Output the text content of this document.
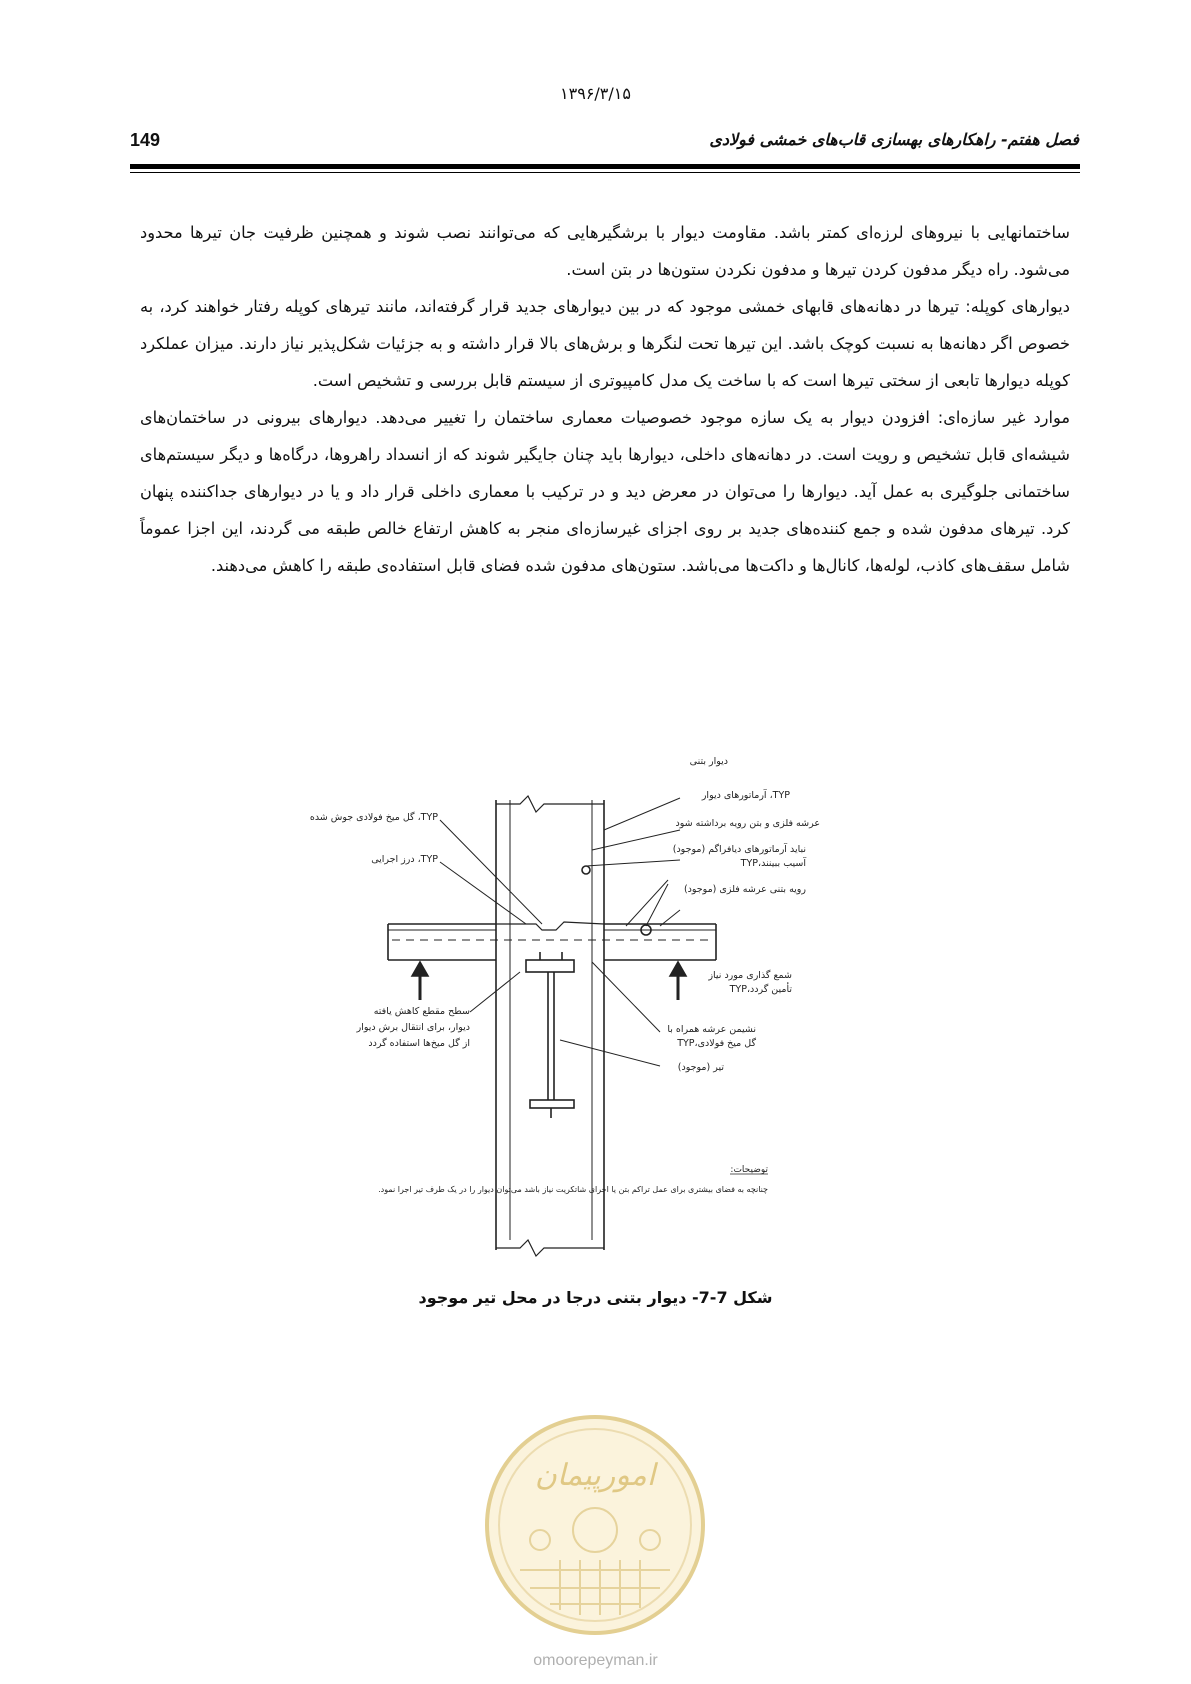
۱۳۹۶/۳/۱۵
149	فصل هفتم- راهکارهای بهسازی قاب‌های خمشی فولادی

ساختمانهایی با نیروهای لرزه‌ای کمتر باشد. مقاومت دیوار با برشگیرهایی که می‌توانند نصب شوند و همچنین ظرفیت جان تیرها محدود می‌شود. راه دیگر مدفون کردن تیرها و مدفون نکردن ستون‌ها در بتن است.

دیوارهای کوپله: تیرها در دهانه‌های قابهای خمشی موجود که در بین دیوارهای جدید قرار گرفته‌اند، مانند تیرهای کوپله رفتار خواهند کرد، به خصوص اگر دهانه‌ها به نسبت کوچک باشد. این تیرها تحت لنگرها و برش‌های بالا قرار داشته و به جزئیات شکل‌پذیر نیاز دارند. میزان عملکرد کوپله دیوارها تابعی از سختی تیرها است که با ساخت یک مدل کامپیوتری از سیستم قابل بررسی و تشخیص است.

موارد غیر سازه‌ای: افزودن دیوار به یک سازه موجود خصوصیات معماری ساختمان را تغییر می‌دهد. دیوارهای بیرونی در ساختمان‌های شیشه‌ای قابل تشخیص و رویت است. در دهانه‌های داخلی، دیوارها باید چنان جایگیر شوند که از انسداد راهروها، درگاه‌ها و دیگر سیستم‌های ساختمانی جلوگیری به عمل آید. دیوارها را می‌توان در معرض دید و در ترکیب با معماری داخلی قرار داد و یا در دیوارهای جداکننده پنهان کرد. تیرهای مدفون شده و جمع کننده‌های جدید بر روی اجزای غیرسازه‌ای منجر به کاهش ارتفاع خالص طبقه می گردند، این اجزا عموماً شامل سقف‌های کاذب، لوله‌ها، کانال‌ها و داکت‌ها می‌باشد. ستون‌های مدفون شده فضای قابل استفاده‌ی طبقه را کاهش می‌دهند.

دیوار بتنی
TYP، آرماتورهای دیوار
عرشه فلزی و بتن رویه برداشته شود
نباید آرماتورهای دیافراگم (موجود)
آسیب ببینند،TYP
رویه بتنی عرشه فلزی (موجود)
شمع گذاری مورد نیاز
تأمین گردد،TYP
نشیمن عرشه همراه با
گل میخ فولادی،TYP
تیر (موجود)
TYP، گل میخ فولادی جوش شده
TYP، درز اجرایی
سطح مقطع کاهش یافته
دیوار، برای انتقال برش دیوار
از گل میخ‌ها استفاده گردد
توضیحات:
چنانچه به فضای بیشتری برای عمل تراکم بتن یا اجرای شاتکریت نیاز باشد می‌توان دیوار را در یک طرف تیر اجرا نمود.
شکل 7-7- دیوار بتنی درجا در محل تیر موجود
امورپیمان
omoorepeyman.ir
